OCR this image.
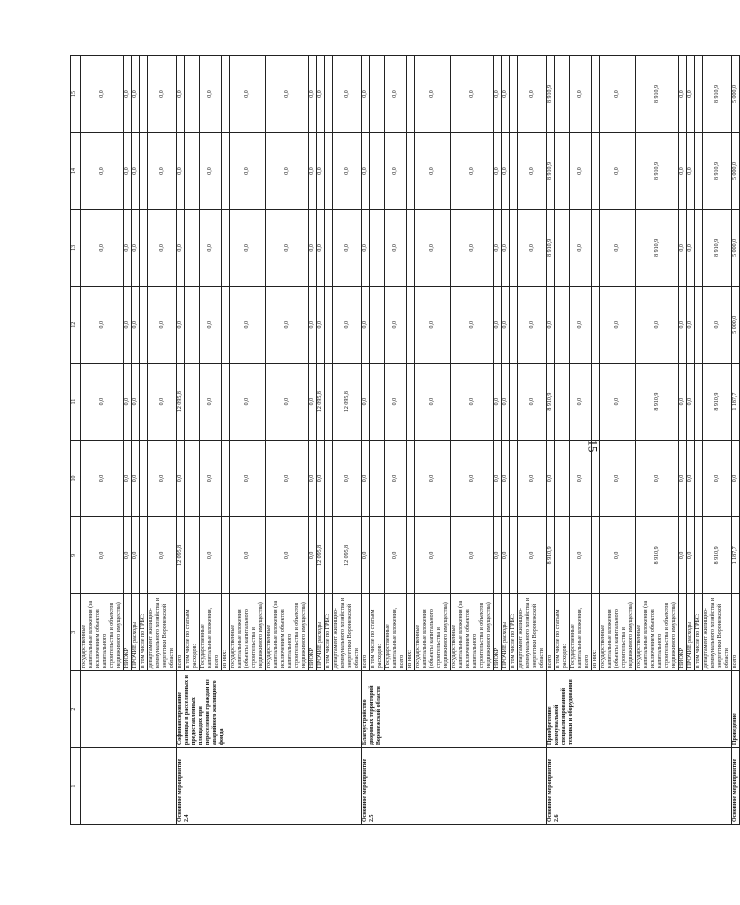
15
1	2	3	9	10	11	12	13	14	15
		государственные капитальные вложения (за исключением объектов капитального строительства и объектов недвижимого имущества)	0,0	0,0	0,0	0,0	0,0	0,0	0,0
		НИОКР	0,0	0,0	0,0	0,0	0,0	0,0	0,0
		ПРОЧИЕ расходы	0,0	0,0	0,0	0,0	0,0	0,0	0,0
		в том числе по ГРБС:							
		департамент жилищно-коммунального хозяйства и энергетики Воронежской области	0,0	0,0	0,0	0,0	0,0	0,0	0,0
Основное мероприятие 2.4	Софинансирование разницы в расселенных и предоставленных площадях при переселении граждан из аварийного жилищного фонда	всего	12 095,8	0,0	12 095,8	0,0	0,0	0,0	0,0
		в том числе по статьям расходов:							
		Государственные капитальные вложения, всего	0,0	0,0	0,0	0,0	0,0	0,0	0,0
		из них:							
		государственные капитальные вложения (объекты капитального строительства и недвижимого имущества)	0,0	0,0	0,0	0,0	0,0	0,0	0,0
		государственные капитальные вложения (за исключением объектов капитального строительства и объектов недвижимого имущества)	0,0	0,0	0,0	0,0	0,0	0,0	0,0
		НИОКР	0,0	0,0	0,0	0,0	0,0	0,0	0,0
		ПРОЧИЕ расходы	12 095,8	0,0	12 095,8	0,0	0,0	0,0	0,0
		в том числе по ГРБС:							
		департамент жилищно-коммунального хозяйства и энергетики Воронежской области	12 095,8	0,0	12 095,8	0,0	0,0	0,0	0,0
Основное мероприятие 2.5	Благоустройство дворовых территорий Воронежской области	всего	0,0	0,0	0,0	0,0	0,0	0,0	0,0
		в том числе по статьям расходов:							
		Государственные капитальные вложения, всего	0,0	0,0	0,0	0,0	0,0	0,0	0,0
		из них:							
		государственные капитальные вложения (объекты капитального строительства и недвижимого имущества)	0,0	0,0	0,0	0,0	0,0	0,0	0,0
		государственные капитальные вложения (за исключением объектов капитального строительства и объектов недвижимого имущества)	0,0	0,0	0,0	0,0	0,0	0,0	0,0
		НИОКР	0,0	0,0	0,0	0,0	0,0	0,0	0,0
		ПРОЧИЕ расходы	0,0	0,0	0,0	0,0	0,0	0,0	0,0
		в том числе по ГРБС:							
		департамент жилищно-коммунального хозяйства и энергетики Воронежской области	0,0	0,0	0,0	0,0	0,0	0,0	0,0
Основное мероприятие 2.6	Приобретение коммунальной специализированной техники и оборудования	всего	8 910,9	0,0	8 910,9	0,0	8 910,9	8 910,9	8 910,9
		в том числе по статьям расходов:							
		Государственные капитальные вложения, всего	0,0	0,0	0,0	0,0	0,0	0,0	0,0
		из них:							
		государственные капитальные вложения (объекты капитального строительства и недвижимого имущества)	0,0	0,0	0,0	0,0	0,0	0,0	0,0
		государственные капитальные вложения (за исключением объектов капитального строительства и объектов недвижимого имущества)	8 910,9	0,0	8 910,9	0,0	8 910,9	8 910,9	8 910,9
		НИОКР	0,0	0,0	0,0	0,0	0,0	0,0	0,0
		ПРОЧИЕ расходы	0,0	0,0	0,0	0,0	0,0	0,0	0,0
		в том числе по ГРБС:							
		департамент жилищно-коммунального хозяйства и энергетики Воронежской области	8 910,9	0,0	8 910,9	0,0	8 910,9	8 910,9	8 910,9
Основное мероприятие	Проведение	всего	1 187,7	0,0	1 187,7	5 000,0	5 000,0	5 000,0	5 000,0
